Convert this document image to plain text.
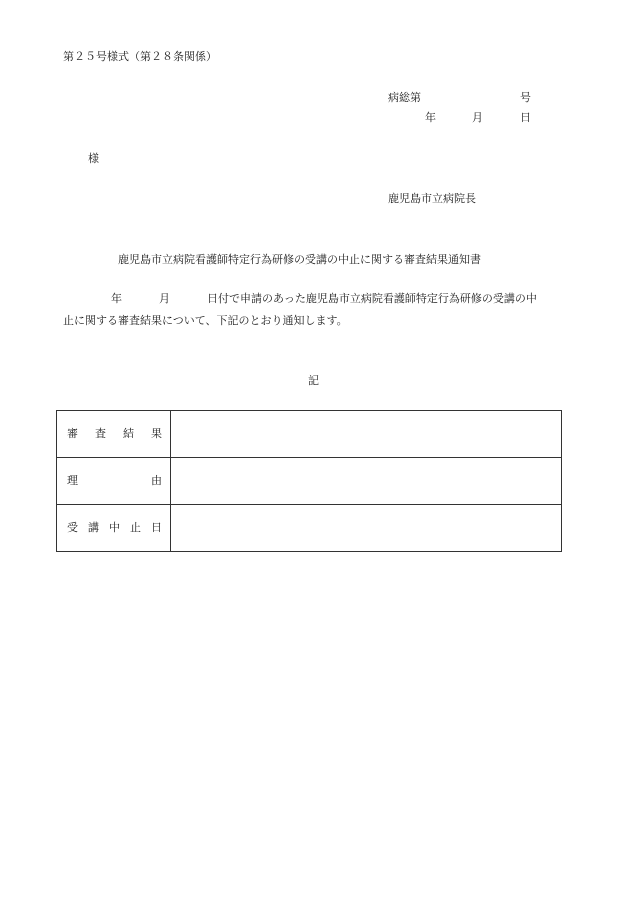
第２５号様式（第２８条関係）
病総第	号
年	月	日
様
鹿児島市立病院長
鹿児島市立病院看護師特定行為研修の受講の中止に関する審査結果通知書
年	月	日付で申請のあった鹿児島市立病院看護師特定行為研修の受講の中
止に関する審査結果について、下記のとおり通知します。
記
審 査 結 果	

理 由	

受 講 中 止 日	
